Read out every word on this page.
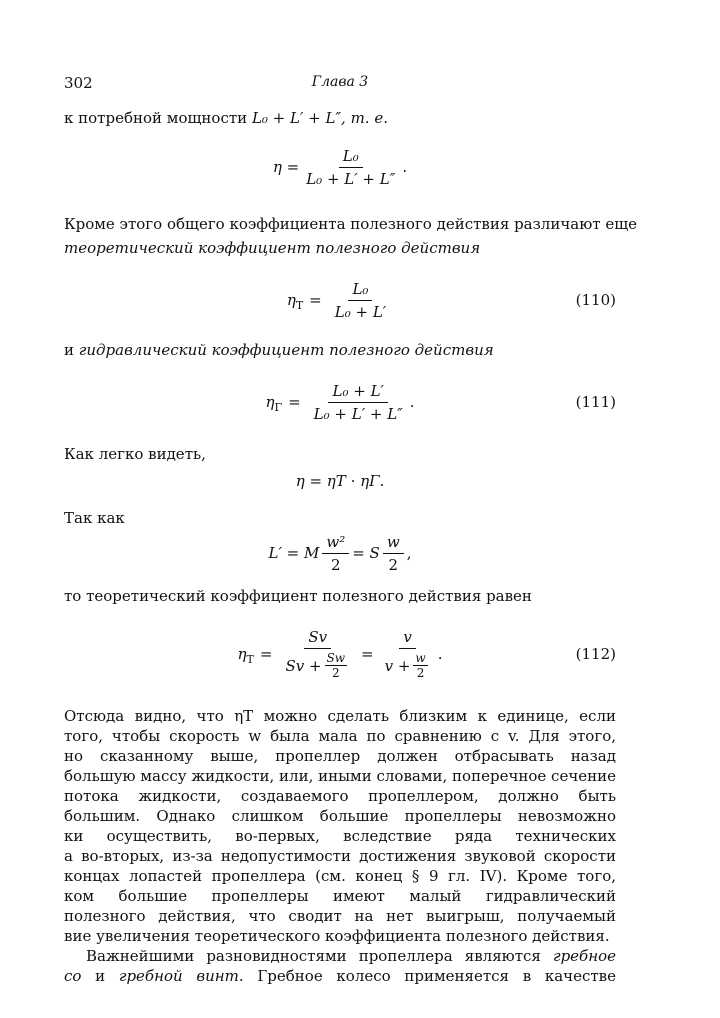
302	Глава 3
к потребной мощности L₀ + L′ + L″, т. е.
$\eta = \frac{\text{L₀}}{\text{L₀ + L′ + L″}}$ .
Кроме этого общего коэффициента полезного действия различают еще
теоретический коэффициент полезного действия
$\eta_T = \frac{\text{L₀}}{\text{L₀ + L′}}$	(110)
и гидравлический коэффициент полезного действия
$\eta_\Gamma = \frac{\text{L₀ + L′}}{\text{L₀ + L′ + L″}}$ .	(111)
Как легко видеть,
η = ηT · ηΓ.
Так как
L′ = M $\frac{\text{w²}}{2} = S \frac{w}{2}$ ,
то теоретический коэффициент полезного действия равен
$\eta_T = \frac{Sv}{Sv + \frac{Sw}{2}} = \frac{v}{v + \frac{w}{2}}$ .	(112)

Отсюда видно, что ηT можно сделать близким к единице, если

того, чтобы скорость w была мала по сравнению с v. Для этого,

но сказанному выше, пропеллер должен отбрасывать назад

большую массу жидкости, или, иными словами, поперечное сечение

потока жидкости, создаваемого пропеллером, должно быть

большим. Однако слишком большие пропеллеры невозможно

ки осуществить, во-первых, вследствие ряда технических

а во-вторых, из-за недопустимости достижения звуковой скорости

концах лопастей пропеллера (см. конец § 9 гл. IV). Кроме того,

ком большие пропеллеры имеют малый гидравлический

полезного действия, что сводит на нет выигрыш, получаемый

вие увеличения теоретического коэффициента полезного действия.

Важнейшими разновидностями пропеллера являются гребное

со и гребной винт. Гребное колесо применяется в качестве
